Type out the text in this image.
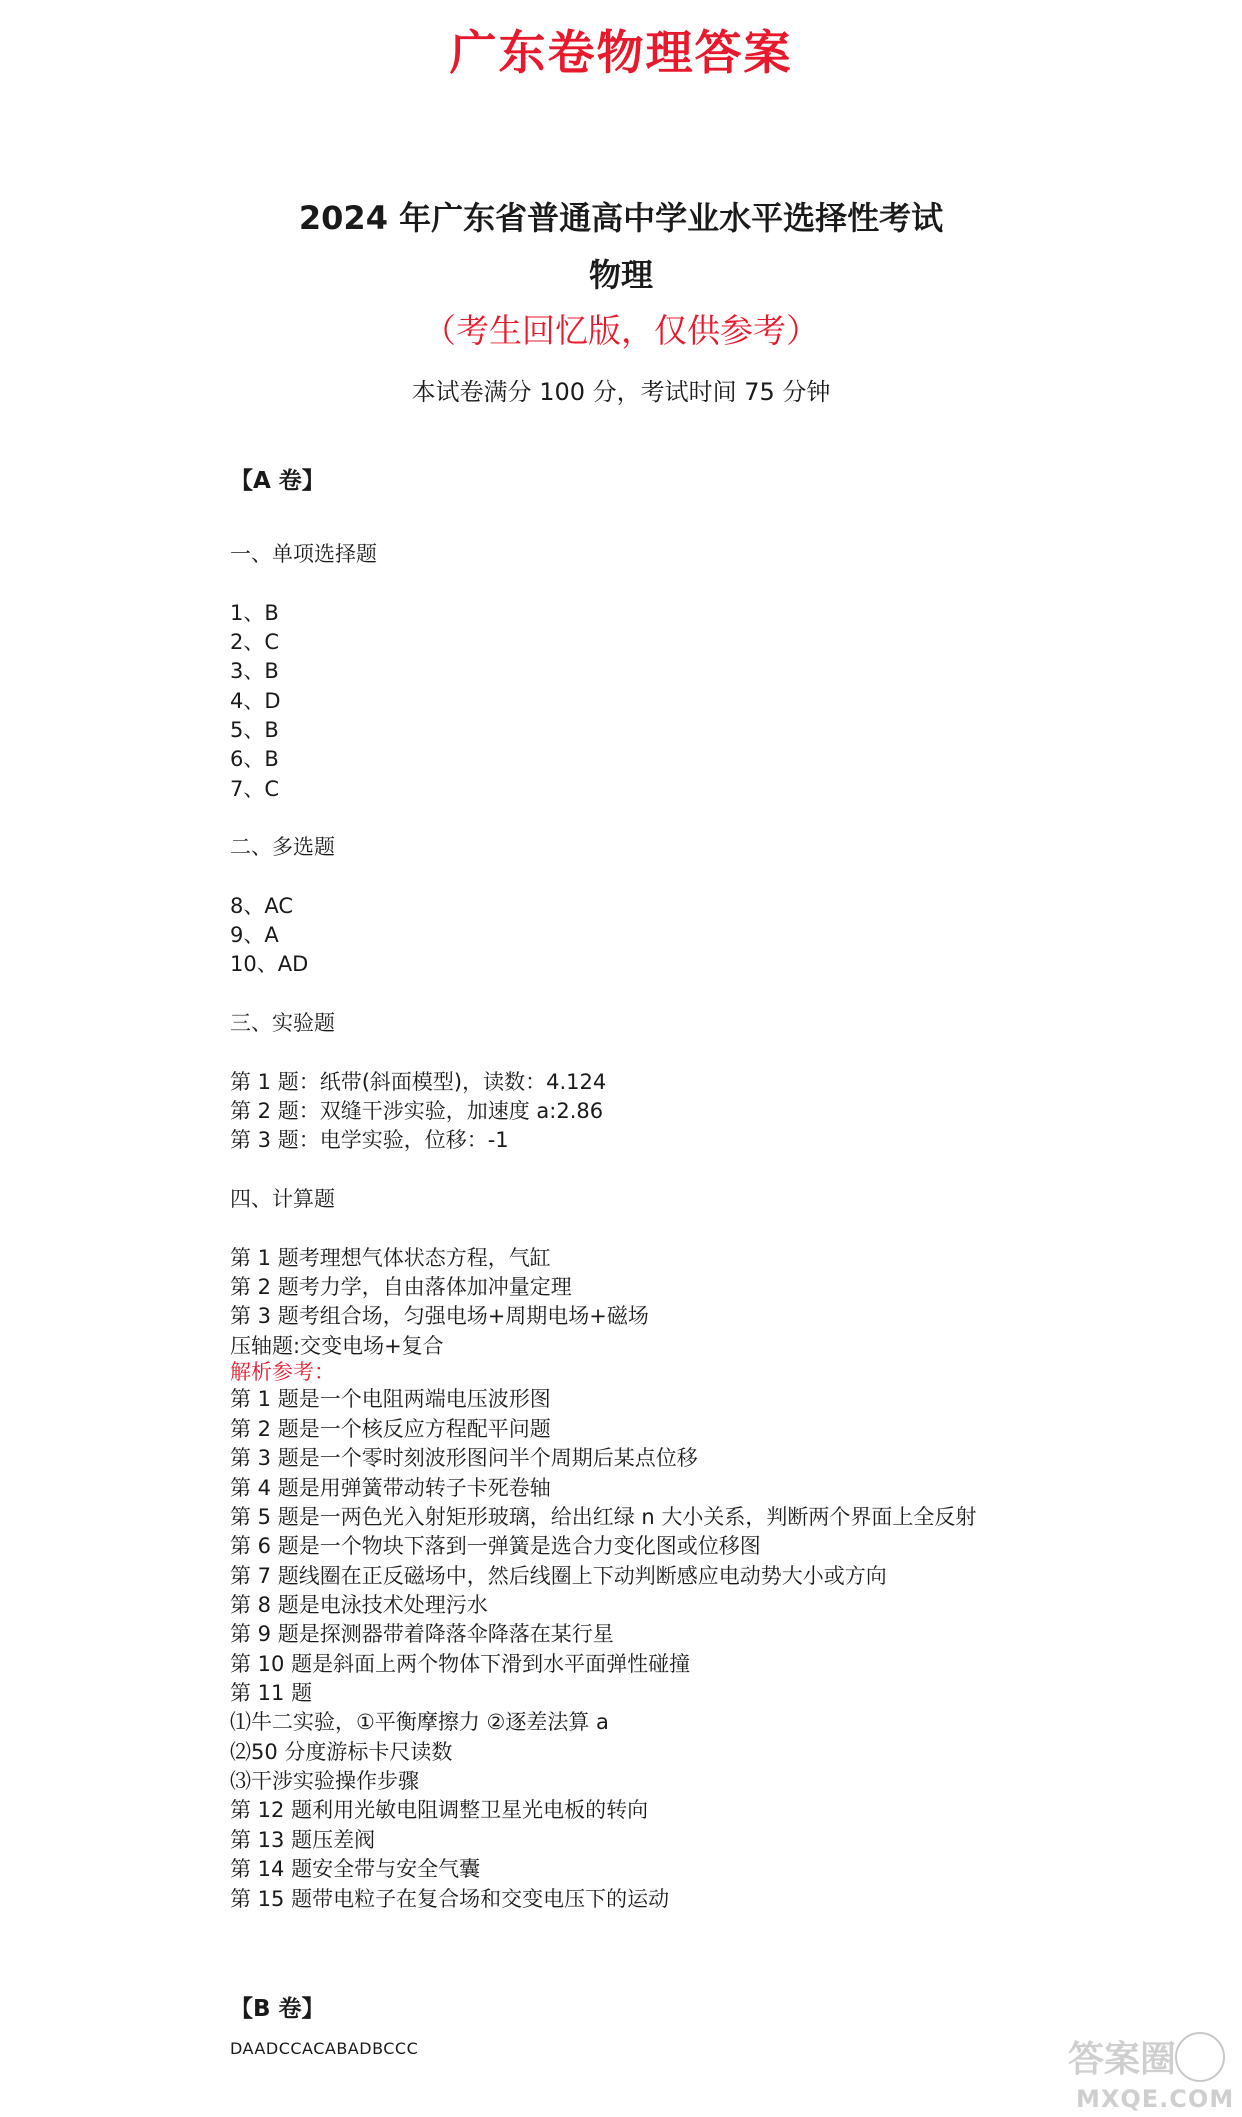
广东卷物理答案
2024 年广东省普通高中学业水平选择性考试
物理
（考生回忆版，仅供参考）
本试卷满分 100 分，考试时间 75 分钟
【A 卷】
一、单项选择题
1、B
2、C
3、B
4、D
5、B
6、B
7、C
二、多选题
8、AC
9、A
10、AD
三、实验题
第 1 题：纸带(斜面模型)，读数：4.124
第 2 题：双缝干涉实验，加速度 a:2.86
第 3 题：电学实验，位移：-1
四、计算题
第 1 题考理想气体状态方程，气缸
第 2 题考力学，自由落体加冲量定理
第 3 题考组合场，匀强电场+周期电场+磁场
压轴题:交变电场+复合
解析参考：
第 1 题是一个电阻两端电压波形图
第 2 题是一个核反应方程配平问题
第 3 题是一个零时刻波形图问半个周期后某点位移
第 4 题是用弹簧带动转子卡死卷轴
第 5 题是一两色光入射矩形玻璃，给出红绿 n 大小关系，判断两个界面上全反射
第 6 题是一个物块下落到一弹簧是选合力变化图或位移图
第 7 题线圈在正反磁场中，然后线圈上下动判断感应电动势大小或方向
第 8 题是电泳技术处理污水
第 9 题是探测器带着降落伞降落在某行星
第 10 题是斜面上两个物体下滑到水平面弹性碰撞
第 11 题
⑴牛二实验，①平衡摩擦力 ②逐差法算 a
⑵50 分度游标卡尺读数
⑶干涉实验操作步骤
第 12 题利用光敏电阻调整卫星光电板的转向
第 13 题压差阀
第 14 题安全带与安全气囊
第 15 题带电粒子在复合场和交变电压下的运动
【B 卷】
DAADCCACABADBCCC	答案圈
MXQE.COM
